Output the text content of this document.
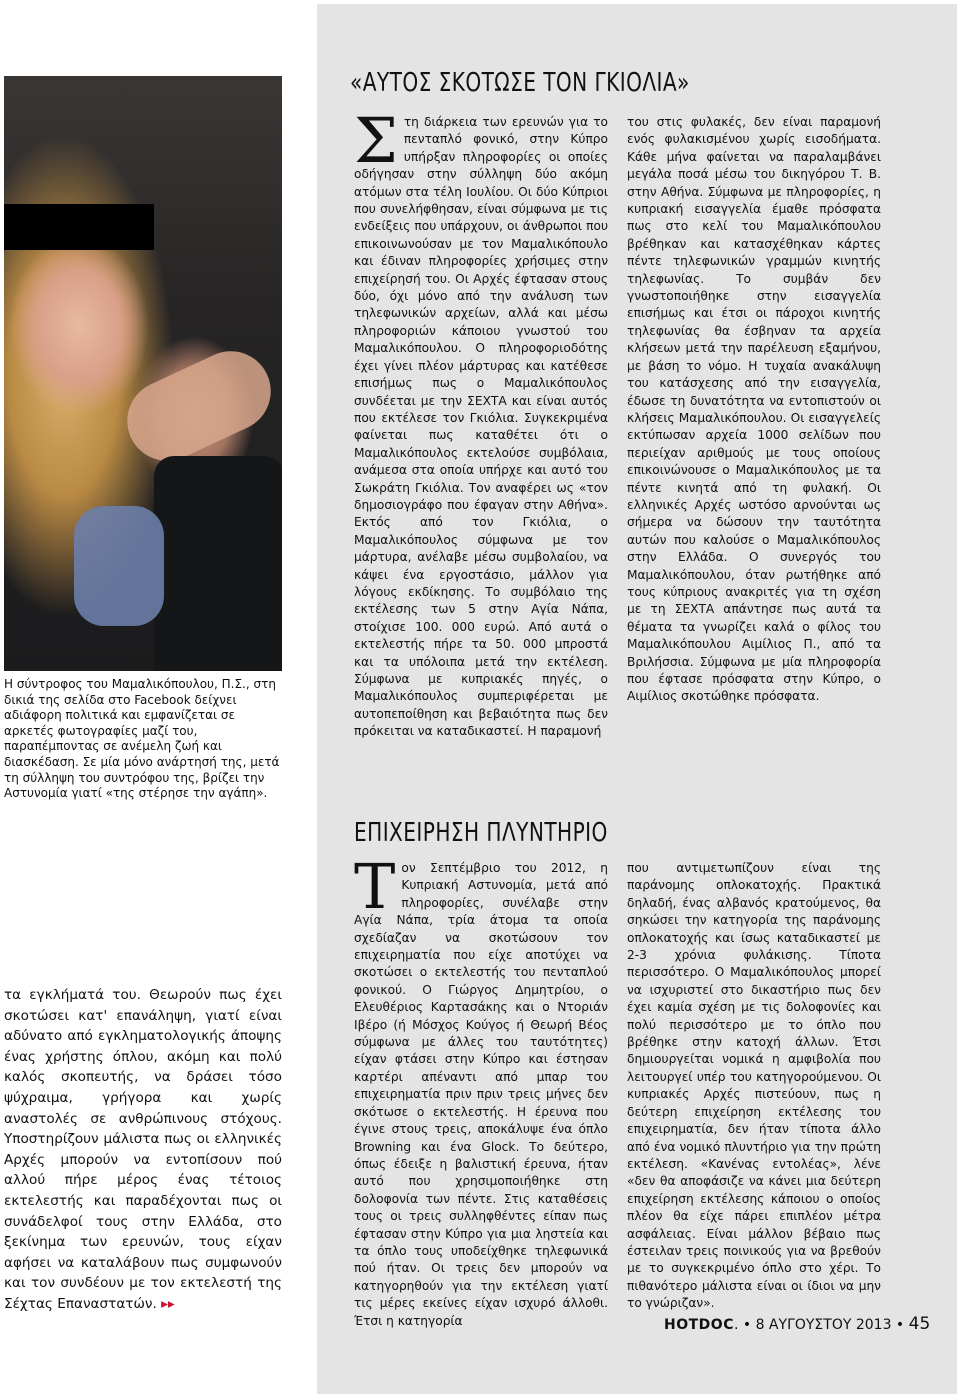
Η σύντροφος του Μαμαλικόπουλου, Π.Σ., στη δικιά της σελίδα στο Facebook δείχνει αδιάφορη πολιτικά και εμφανίζεται σε αρκετές φωτογραφίες μαζί του, παραπέμποντας σε ανέμελη ζωή και διασκέδαση. Σε μία μόνο ανάρτησή της, μετά τη σύλληψη του συντρόφου της, βρίζει την Αστυνομία γιατί «της στέρησε την αγάπη».
τα εγκλήματά του. Θεωρούν πως έχει σκοτώσει κατ' επανάληψη, γιατί είναι αδύνατο από εγκληματολογικής άποψης ένας χρήστης όπλου, ακόμη και πολύ καλός σκοπευτής, να δράσει τόσο ψύχραιμα, γρήγορα και χωρίς αναστολές σε ανθρώπινους στόχους. Υποστηρίζουν μάλιστα πως οι ελληνικές Αρχές μπορούν να εντοπίσουν πού αλλού πήρε μέρος ένας τέτοιος εκτελεστής και παραδέχονται πως οι συνάδελφοί τους στην Ελλάδα, στο ξεκίνημα των ερευνών, τους είχαν αφήσει να καταλάβουν πως συμφωνούν και τον συνδέουν με τον εκτελεστή της Σέχτας Επαναστατών. ▸▸
«ΑΥΤΟΣ ΣΚΟΤΩΣΕ ΤΟΝ ΓΚΙΟΛΙΑ»
Στη διάρκεια των ερευνών για το πενταπλό φονικό, στην Κύπρο υπήρξαν πληροφορίες οι οποίες οδήγησαν στην σύλληψη δύο ακόμη ατόμων στα τέλη Ιουλίου. Οι δύο Κύπριοι που συνελήφθησαν, είναι σύμφωνα με τις ενδείξεις που υπάρχουν, οι άνθρωποι που επικοινωνούσαν με τον Μαμαλικόπουλο και έδιναν πληροφορίες χρήσιμες στην επιχείρησή του. Οι Αρχές έφτασαν στους δύο, όχι μόνο από την ανάλυση των τηλεφωνικών αρχείων, αλλά και μέσω πληροφοριών κάποιου γνωστού του Μαμαλικόπουλου. Ο πληροφοριοδότης έχει γίνει πλέον μάρτυρας και κατέθεσε επισήμως πως ο Μαμαλικόπουλος συνδέεται με την ΣΕΧΤΑ και είναι αυτός που εκτέλεσε τον Γκιόλια. Συγκεκριμένα φαίνεται πως καταθέτει ότι ο Μαμαλικόπουλος εκτελούσε συμβόλαια, ανάμεσα στα οποία υπήρχε και αυτό του Σωκράτη Γκιόλια. Τον αναφέρει ως «τον δημοσιογράφο που έφαγαν στην Αθήνα». Εκτός από τον Γκιόλια, ο Μαμαλικόπουλος σύμφωνα με τον μάρτυρα, ανέλαβε μέσω συμβολαίου, να κάψει ένα εργοστάσιο, μάλλον για λόγους εκδίκησης. Το συμβόλαιο της εκτέλεσης των 5 στην Αγία Νάπα, στοίχισε 100. 000 ευρώ. Από αυτά ο εκτελεστής πήρε τα 50. 000 μπροστά και τα υπόλοιπα μετά την εκτέλεση. Σύμφωνα με κυπριακές πηγές, ο Μαμαλικόπουλος συμπεριφέρεται με αυτοπεποίθηση και βεβαιότητα πως δεν πρόκειται να καταδικαστεί. Η παραμονή
του στις φυλακές, δεν είναι παραμονή ενός φυλακισμένου χωρίς εισοδήματα. Κάθε μήνα φαίνεται να παραλαμβάνει μεγάλα ποσά μέσω του δικηγόρου Τ. Β. στην Αθήνα. Σύμφωνα με πληροφορίες, η κυπριακή εισαγγελία έμαθε πρόσφατα πως στο κελί του Μαμαλικόπουλου βρέθηκαν και κατασχέθηκαν κάρτες πέντε τηλεφωνικών γραμμών κινητής τηλεφωνίας. Το συμβάν δεν γνωστοποιήθηκε στην εισαγγελία επισήμως και έτσι οι πάροχοι κινητής τηλεφωνίας θα έσβηναν τα αρχεία κλήσεων μετά την παρέλευση εξαμήνου, με βάση το νόμο. Η τυχαία ανακάλυψη του κατάσχεσης από την εισαγγελία, έδωσε τη δυνατότητα να εντοπιστούν οι κλήσεις Μαμαλικόπουλου. Οι εισαγγελείς εκτύπωσαν αρχεία 1000 σελίδων που περιείχαν αριθμούς με τους οποίους επικοινώνουσε ο Μαμαλικόπουλος με τα πέντε κινητά από τη φυλακή. Οι ελληνικές Αρχές ωστόσο αρνούνται ως σήμερα να δώσουν την ταυτότητα αυτών που καλούσε ο Μαμαλικόπουλος στην Ελλάδα. Ο συνεργός του Μαμαλικόπουλου, όταν ρωτήθηκε από τους κύπριους ανακριτές για τη σχέση με τη ΣΕΧΤΑ απάντησε πως αυτά τα θέματα τα γνωρίζει καλά ο φίλος του Μαμαλικόπουλου Αιμίλιος Π., από τα Βριλήσσια. Σύμφωνα με μία πληροφορία που έφτασε πρόσφατα στην Κύπρο, ο Αιμίλιος σκοτώθηκε πρόσφατα.
ΕΠΙΧΕΙΡΗΣΗ ΠΛΥΝΤΗΡΙΟ
Τον Σεπτέμβριο του 2012, η Κυπριακή Αστυνομία, μετά από πληροφορίες, συνέλαβε στην Αγία Νάπα, τρία άτομα τα οποία σχεδίαζαν να σκοτώσουν τον επιχειρηματία που είχε αποτύχει να σκοτώσει ο εκτελεστής του πενταπλού φονικού. Ο Γιώργος Δημητρίου, ο Ελευθέριος Καρτασάκης και ο Ντοριάν Ιβέρο (ή Μόσχος Κούγος ή Θεωρή Βέος σύμφωνα με άλλες του ταυτότητες) είχαν φτάσει στην Κύπρο και έστησαν καρτέρι απέναντι από μπαρ του επιχειρηματία πριν πριν τρεις μήνες δεν σκότωσε ο εκτελεστής. Η έρευνα που έγινε στους τρεις, αποκάλυψε ένα όπλο Browning και ένα Glock. Το δεύτερο, όπως έδειξε η βαλιστική έρευνα, ήταν αυτό που χρησιμοποιήθηκε στη δολοφονία των πέντε. Στις καταθέσεις τους οι τρεις συλληφθέντες είπαν πως έφτασαν στην Κύπρο για μια ληστεία και τα όπλο τους υποδείχθηκε τηλεφωνικά πού ήταν. Οι τρεις δεν μπορούν να κατηγορηθούν για την εκτέλεση γιατί τις μέρες εκείνες είχαν ισχυρό άλλοθι. Έτσι η κατηγορία
που αντιμετωπίζουν είναι της παράνομης οπλοκατοχής. Πρακτικά δηλαδή, ένας αλβανός κρατούμενος, θα σηκώσει την κατηγορία της παράνομης οπλοκατοχής και ίσως καταδικαστεί με 2-3 χρόνια φυλάκισης. Τίποτα περισσότερο. Ο Μαμαλικόπουλος μπορεί να ισχυριστεί στο δικαστήριο πως δεν έχει καμία σχέση με τις δολοφονίες και πολύ περισσότερο με το όπλο που βρέθηκε στην κατοχή άλλων. Έτσι δημιουργείται νομικά η αμφιβολία που λειτουργεί υπέρ του κατηγορούμενου. Οι κυπριακές Αρχές πιστεύουν, πως η δεύτερη επιχείρηση εκτέλεσης του επιχειρηματία, δεν ήταν τίποτα άλλο από ένα νομικό πλυντήριο για την πρώτη εκτέλεση. «Κανένας εντολέας», λένε «δεν θα αποφάσιζε να κάνει μια δεύτερη επιχείρηση εκτέλεσης κάποιου ο οποίος πλέον θα είχε πάρει επιπλέον μέτρα ασφάλειας. Είναι μάλλον βέβαιο πως έστειλαν τρεις ποινικούς για να βρεθούν με το συγκεκριμένο όπλο στο χέρι. Το πιθανότερο μάλιστα είναι οι ίδιοι να μην το γνώριζαν».
HOTDOC. • 8 ΑΥΓΟΥΣΤΟΥ 2013 • 45
